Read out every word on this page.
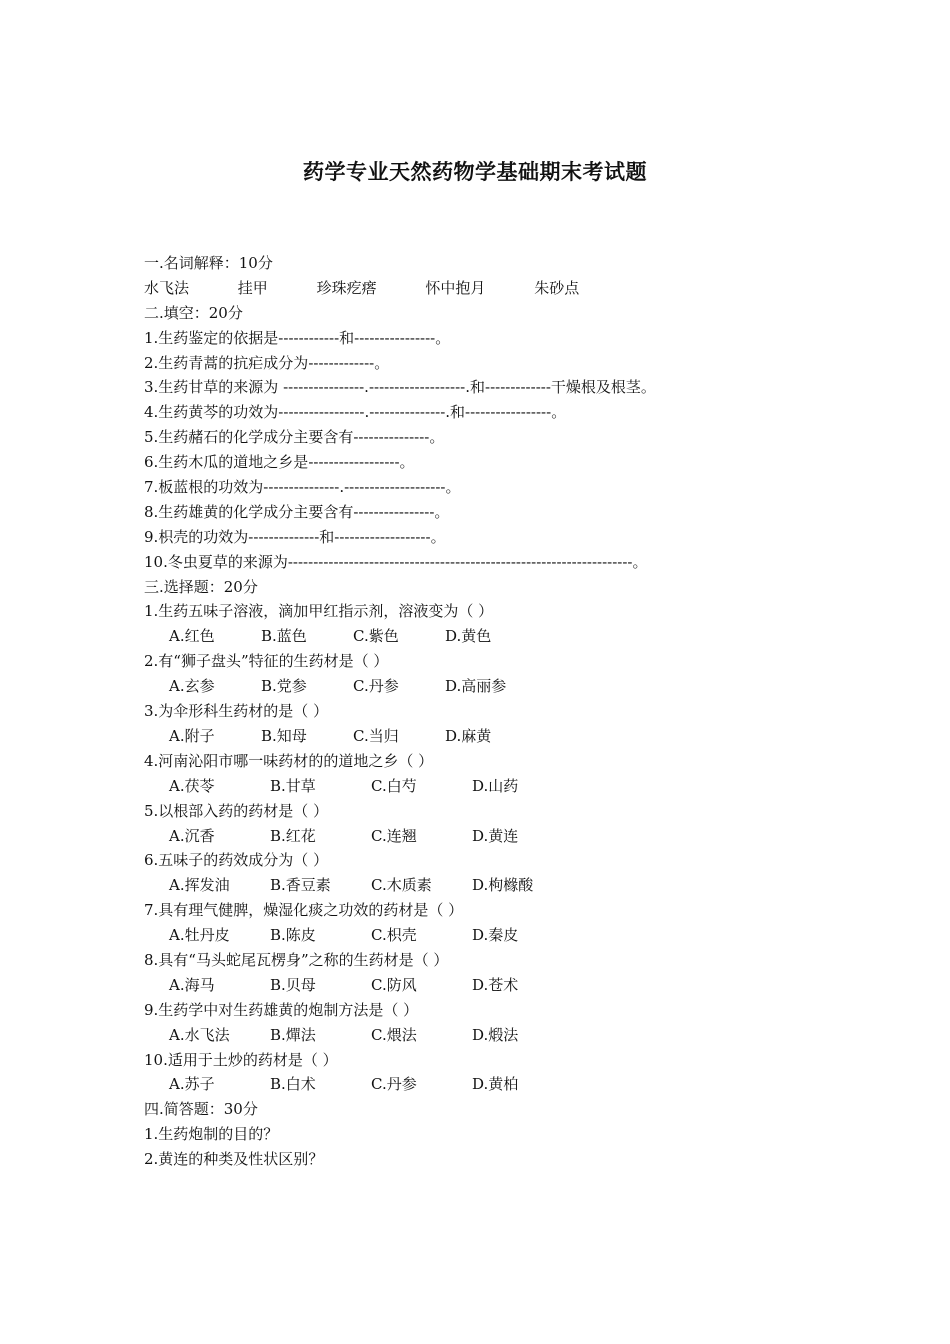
药学专业天然药物学基础期末考试题
一.名词解释：10分
水飞法	挂甲	珍珠疙瘩	怀中抱月	朱砂点
二.填空：20分
1.生药鉴定的依据是------------和----------------。
2.生药青蒿的抗疟成分为-------------。
3.生药甘草的来源为 ----------------.-------------------.和-------------干燥根及根茎。
4.生药黄芩的功效为-----------------.---------------.和-----------------。
5.生药赭石的化学成分主要含有---------------。
6.生药木瓜的道地之乡是------------------。
7.板蓝根的功效为---------------.--------------------。
8.生药雄黄的化学成分主要含有----------------。
9.枳壳的功效为--------------和-------------------。
10.冬虫夏草的来源为--------------------------------------------------------------------。
三.选择题：20分
1.生药五味子溶液，滴加甲红指示剂，溶液变为（ ）
A.红色	B.蓝色	C.紫色	D.黄色
2.有“狮子盘头”特征的生药材是（ ）
A.玄参	B.党参	C.丹参	D.高丽参
3.为伞形科生药材的是（ ）
A.附子	B.知母	C.当归	D.麻黄
4.河南沁阳市哪一味药材的的道地之乡（ ）
A.茯苓	B.甘草	C.白芍	D.山药
5.以根部入药的药材是（ ）
A.沉香	B.红花	C.连翘	D.黄连
6.五味子的药效成分为（ ）
A.挥发油	B.香豆素	C.木质素	D.枸橼酸
7.具有理气健脾，燥湿化痰之功效的药材是（ ）
A.牡丹皮	B.陈皮	C.枳壳	D.秦皮
8.具有“马头蛇尾瓦楞身”之称的生药材是（ ）
A.海马	B.贝母	C.防风	D.苍术
9.生药学中对生药雄黄的炮制方法是（ ）
A.水飞法	B.燀法	C.煨法	D.煅法
10.适用于土炒的药材是（ ）
A.苏子	B.白术	C.丹参	D.黄柏
四.简答题：30分
1.生药炮制的目的？
2.黄连的种类及性状区别？
